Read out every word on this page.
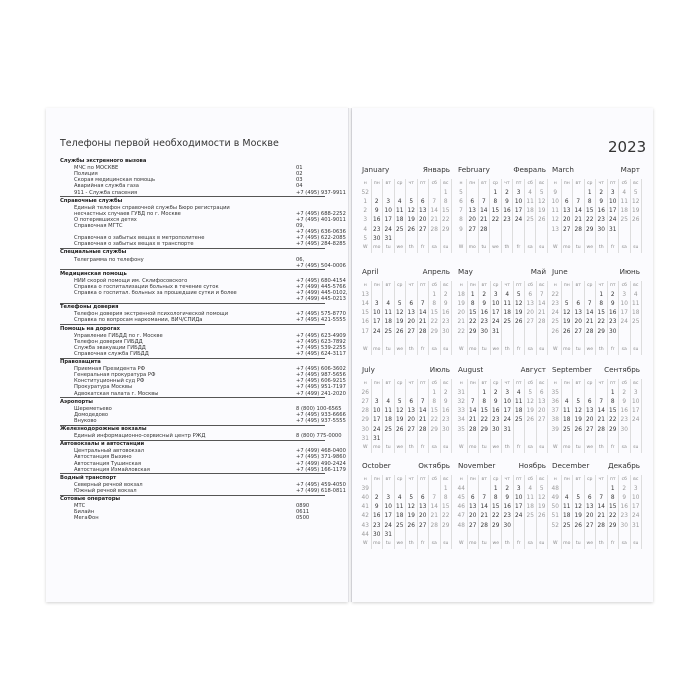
Телефоны первой необходимости в Москве
Службы экстренного вызова
МЧС по МОСКВЕ	01
Полиция	02
Скорая медицинская помощь	03
Аварийная служба газа	04
911 - Служба спасения	+7 (495) 937-9911
Справочные службы
Единый телефон справочной службы Бюро регистрации
несчастных случаев ГУВД по г. Москве	+7 (495) 688-2252
О потерявшихся детях	+7 (495) 401-9011
Справочная МГТС	09,
+7 (495) 636-0636
Справочная о забытых вещах в метрополитене	+7 (495) 622-2085
Справочная о забытых вещах в транспорте	+7 (495) 284-8285
Специальные службы
Телеграмма по телефону	06,
+7 (495) 504-0006
Медицинская помощь
НИИ скорой помощи им. Склифосовского	+7 (495) 680-4154
Справка о госпитализации больных в течение суток	+7 (499) 445-5766
Справка о госпитал. больных за прошедшие сутки и более	+7 (499) 445-0102,
+7 (499) 445-0213
Телефоны доверия
Телефон доверия экстренной психологической помощи	+7 (495) 575-8770
Справка по вопросам наркомании, ВИЧ/СПИДа	+7 (495) 421-5555
Помощь на дорогах
Управление ГИБДД по г. Москве	+7 (495) 623-4909
Телефон доверия ГИБДД	+7 (495) 623-7892
Служба эвакуации ГИБДД	+7 (495) 539-2255
Справочная служба ГИБДД	+7 (495) 624-3117
Правозащита
Приемная Президента РФ	+7 (495) 606-3602
Генеральная прокуратура РФ	+7 (495) 987-5656
Конституционный суд РФ	+7 (495) 606-9215
Прокуратура Москвы	+7 (495) 951-7197
Адвокатская палата г. Москвы	+7 (499) 241-2020
Аэропорты
Шереметьево	8 (800) 100-6565
Домодедово	+7 (495) 933-6666
Внуково	+7 (495) 937-5555
Железнодорожные вокзалы
Единый информационно-сервисный центр РЖД	8 (800) 775-0000
Автовокзалы и автостанции
Центральный автовокзал	+7 (499) 468-0400
Автостанция Выхино	+7 (495) 371-9860
Автостанция Тушинская	+7 (499) 490-2424
Автостанция Измайловская	+7 (495) 166-1179
Водный транспорт
Северный речной вокзал	+7 (495) 459-4050
Южный речной вокзал	+7 (499) 618-0811
Сотовые операторы
МТС	0890
Билайн	0611
МегаФон	0500
2023
January	Январь
н	пн	вт	ср	чт	пт	сб	вс
52							1
1	2	3	4	5	6	7	8
2	9	10	11	12	13	14	15
3	16	17	18	19	20	21	22
4	23	24	25	26	27	28	29
5	30	31					
W	mo	tu	we	th	fr	sa	su
February	Февраль
н	пн	вт	ср	чт	пт	сб	вс
5			1	2	3	4	5
6	6	7	8	9	10	11	12
7	13	14	15	16	17	18	19
8	20	21	22	23	24	25	26
9	27	28					

W	mo	tu	we	th	fr	sa	su
March	Март
н	пн	вт	ср	чт	пт	сб	вс
9			1	2	3	4	5
10	6	7	8	9	10	11	12
11	13	14	15	16	17	18	19
12	20	21	22	23	24	25	26
13	27	28	29	30	31		

W	mo	tu	we	th	fr	sa	su
April	Апрель
н	пн	вт	ср	чт	пт	сб	вс
13						1	2
14	3	4	5	6	7	8	9
15	10	11	12	13	14	15	16
16	17	18	19	20	21	22	23
17	24	25	26	27	28	29	30

W	mo	tu	we	th	fr	sa	su
May	Май
н	пн	вт	ср	чт	пт	сб	вс
18	1	2	3	4	5	6	7
19	8	9	10	11	12	13	14
20	15	16	17	18	19	20	21
21	22	23	24	25	26	27	28
22	29	30	31				

W	mo	tu	we	th	fr	sa	su
June	Июнь
н	пн	вт	ср	чт	пт	сб	вс
22				1	2	3	4
23	5	6	7	8	9	10	11
24	12	13	14	15	16	17	18
25	19	20	21	22	23	24	25
26	26	27	28	29	30		

W	mo	tu	we	th	fr	sa	su
July	Июль
н	пн	вт	ср	чт	пт	сб	вс
26						1	2
27	3	4	5	6	7	8	9
28	10	11	12	13	14	15	16
29	17	18	19	20	21	22	23
30	24	25	26	27	28	29	30
31	31						
W	mo	tu	we	th	fr	sa	su
August	Август
н	пн	вт	ср	чт	пт	сб	вс
31		1	2	3	4	5	6
32	7	8	9	10	11	12	13
33	14	15	16	17	18	19	20
34	21	22	23	24	25	26	27
35	28	29	30	31			

W	mo	tu	we	th	fr	sa	su
September Сентябрь
н	пн	вт	ср	чт	пт	сб	вс
35					1	2	3
36	4	5	6	7	8	9	10
37	11	12	13	14	15	16	17
38	18	19	20	21	22	23	24
39	25	26	27	28	29	30	

W	mo	tu	we	th	fr	sa	su
October	Октябрь
н	пн	вт	ср	чт	пт	сб	вс
39							1
40	2	3	4	5	6	7	8
41	9	10	11	12	13	14	15
42	16	17	18	19	20	21	22
43	23	24	25	26	27	28	29
44	30	31					
W	mo	tu	we	th	fr	sa	su
November	Ноябрь
н	пн	вт	ср	чт	пт	сб	вс
44			1	2	3	4	5
45	6	7	8	9	10	11	12
46	13	14	15	16	17	18	19
47	20	21	22	23	24	25	26
48	27	28	29	30			

W	mo	tu	we	th	fr	sa	su
December	Декабрь
н	пн	вт	ср	чт	пт	сб	вс
48					1	2	3
49	4	5	6	7	8	9	10
50	11	12	13	14	15	16	17
51	18	19	20	21	22	23	24
52	25	26	27	28	29	30	31

W	mo	tu	we	th	fr	sa	su
